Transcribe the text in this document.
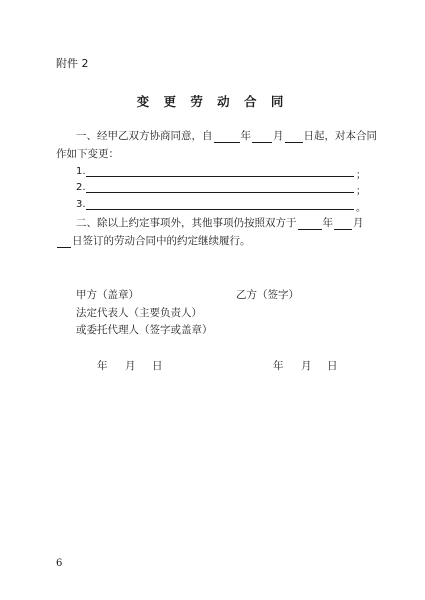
附件 2
变 更 劳 动 合 同
一、经甲乙双方协商同意，自	年 月 日起，对本合同
作如下变更：
1.	；
2.	；
3.	。
二、除以上约定事项外，其他事项仍按照双方于 年 月
日签订的劳动合同中的约定继续履行。
甲方（盖章）	乙方（签字）
法定代表人（主要负责人）
或委托代理人（签字或盖章）
年 月 日	年 月 日
6
